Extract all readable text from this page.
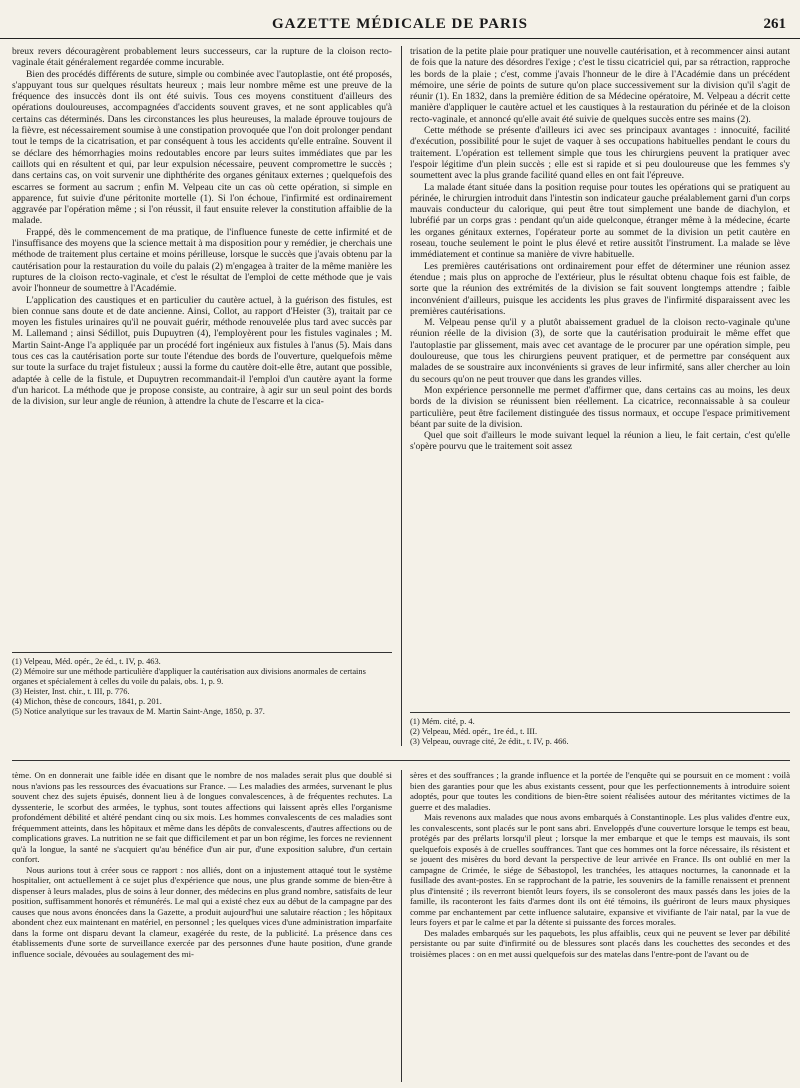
GAZETTE MÉDICALE DE PARIS	261

breux revers découragèrent probablement leurs successeurs, car la rupture de la cloison recto-vaginale était généralement regardée comme incurable.

Bien des procédés différents de suture, simple ou combinée avec l'autoplastie, ont été proposés, s'appuyant tous sur quelques résultats heureux ; mais leur nombre même est une preuve de la fréquence des insuccès dont ils ont été suivis. Tous ces moyens constituent d'ailleurs des opérations douloureuses, accompagnées d'accidents souvent graves, et ne sont applicables qu'à certains cas déterminés. Dans les circonstances les plus heureuses, la malade éprouve toujours de la fièvre, est nécessairement soumise à une constipation provoquée que l'on doit prolonger pendant tout le temps de la cicatrisation, et par conséquent à tous les accidents qu'elle entraîne. Souvent il se déclare des hémorrhagies moins redoutables encore par leurs suites immédiates que par les caillots qui en résultent et qui, par leur expulsion nécessaire, peuvent compromettre le succès ; dans certains cas, on voit survenir une diphthérite des organes génitaux externes ; quelquefois des escarres se forment au sacrum ; enfin M. Velpeau cite un cas où cette opération, si simple en apparence, fut suivie d'une péritonite mortelle (1). Si l'on échoue, l'infirmité est ordinairement aggravée par l'opération même ; si l'on réussit, il faut ensuite relever la constitution affaiblie de la malade.

Frappé, dès le commencement de ma pratique, de l'influence funeste de cette infirmité et de l'insuffisance des moyens que la science mettait à ma disposition pour y remédier, je cherchais une méthode de traitement plus certaine et moins périlleuse, lorsque le succès que j'avais obtenu par la cautérisation pour la restauration du voile du palais (2) m'engagea à traiter de la même manière les ruptures de la cloison recto-vaginale, et c'est le résultat de l'emploi de cette méthode que je vais avoir l'honneur de soumettre à l'Académie.

L'application des caustiques et en particulier du cautère actuel, à la guérison des fistules, est bien connue sans doute et de date ancienne. Ainsi, Collot, au rapport d'Heister (3), traitait par ce moyen les fistules urinaires qu'il ne pouvait guérir, méthode renouvelée plus tard avec succès par M. Lallemand ; ainsi Sédillot, puis Dupuytren (4), l'employèrent pour les fistules vaginales ; M. Martin Saint-Ange l'a appliquée par un procédé fort ingénieux aux fistules à l'anus (5). Mais dans tous ces cas la cautérisation porte sur toute l'étendue des bords de l'ouverture, quelquefois même sur toute la surface du trajet fistuleux ; aussi la forme du cautère doit-elle être, autant que possible, adaptée à celle de la fistule, et Dupuytren recommandait-il l'emploi d'un cautère ayant la forme d'un haricot. La méthode que je propose consiste, au contraire, à agir sur un seul point des bords de la division, sur leur angle de réunion, à attendre la chute de l'escarre et la cica-

(1) Velpeau, Méd. opér., 2e éd., t. IV, p. 463.
(2) Mémoire sur une méthode particulière d'appliquer la cautérisation aux divisions anormales de certains organes et spécialement à celles du voile du palais, obs. 1, p. 9.
(3) Heister, Inst. chir., t. III, p. 776.
(4) Michon, thèse de concours, 1841, p. 201.
(5) Notice analytique sur les travaux de M. Martin Saint-Ange, 1850, p. 37.

trisation de la petite plaie pour pratiquer une nouvelle cautérisation, et à recommencer ainsi autant de fois que la nature des désordres l'exige ; c'est le tissu cicatriciel qui, par sa rétraction, rapproche les bords de la plaie ; c'est, comme j'avais l'honneur de le dire à l'Académie dans un précédent mémoire, une série de points de suture qu'on place successivement sur la division qu'il s'agit de réunir (1). En 1832, dans la première édition de sa Médecine opératoire, M. Velpeau a décrit cette manière d'appliquer le cautère actuel et les caustiques à la restauration du périnée et de la cloison recto-vaginale, et annoncé qu'elle avait été suivie de quelques succès entre ses mains (2).

Cette méthode se présente d'ailleurs ici avec ses principaux avantages : innocuité, facilité d'exécution, possibilité pour le sujet de vaquer à ses occupations habituelles pendant le cours du traitement. L'opération est tellement simple que tous les chirurgiens peuvent la pratiquer avec l'espoir légitime d'un plein succès ; elle est si rapide et si peu douloureuse que les femmes s'y soumettent avec la plus grande facilité quand elles en ont fait l'épreuve.

La malade étant située dans la position requise pour toutes les opérations qui se pratiquent au périnée, le chirurgien introduit dans l'intestin son indicateur gauche préalablement garni d'un corps mauvais conducteur du calorique, qui peut être tout simplement une bande de diachylon, et lubréfié par un corps gras : pendant qu'un aide quelconque, étranger même à la médecine, écarte les organes génitaux externes, l'opérateur porte au sommet de la division un petit cautère en roseau, touche seulement le point le plus élevé et retire aussitôt l'instrument. La malade se lève immédiatement et continue sa manière de vivre habituelle.

Les premières cautérisations ont ordinairement pour effet de déterminer une réunion assez étendue ; mais plus on approche de l'extérieur, plus le résultat obtenu chaque fois est faible, de sorte que la réunion des extrémités de la division se fait souvent longtemps attendre ; faible inconvénient d'ailleurs, puisque les accidents les plus graves de l'infirmité disparaissent avec les premières cautérisations.

M. Velpeau pense qu'il y a plutôt abaissement graduel de la cloison recto-vaginale qu'une réunion réelle de la division (3), de sorte que la cautérisation produirait le même effet que l'autoplastie par glissement, mais avec cet avantage de le procurer par une opération simple, peu douloureuse, que tous les chirurgiens peuvent pratiquer, et de permettre par conséquent aux malades de se soustraire aux inconvénients si graves de leur infirmité, sans aller chercher au loin du secours qu'on ne peut trouver que dans les grandes villes.

Mon expérience personnelle me permet d'affirmer que, dans certains cas au moins, les deux bords de la division se réunissent bien réellement. La cicatrice, reconnaissable à sa couleur particulière, peut être facilement distinguée des tissus normaux, et occupe l'espace primitivement béant par suite de la division.

Quel que soit d'ailleurs le mode suivant lequel la réunion a lieu, le fait certain, c'est qu'elle s'opère pourvu que le traitement soit assez

(1) Mém. cité, p. 4.
(2) Velpeau, Méd. opér., 1re éd., t. III.
(3) Velpeau, ouvrage cité, 2e édit., t. IV, p. 466.

tème. On en donnerait une faible idée en disant que le nombre de nos malades serait plus que doublé si nous n'avions pas les ressources des évacuations sur France. — Les maladies des armées, survenant le plus souvent chez des sujets épuisés, donnent lieu à de longues convalescences, à de fréquentes rechutes. La dyssenterie, le scorbut des armées, le typhus, sont toutes affections qui laissent après elles l'organisme profondément débilité et altéré pendant cinq ou six mois. Les hommes convalescents de ces maladies sont fréquemment atteints, dans les hôpitaux et même dans les dépôts de convalescents, d'autres affections ou de complications graves. La nutrition ne se fait que difficilement et par un bon régime, les forces ne reviennent qu'à la longue, la santé ne s'acquiert qu'au bénéfice d'un air pur, d'une exposition salubre, d'un certain confort.

Nous aurions tout à créer sous ce rapport : nos alliés, dont on a injustement attaqué tout le système hospitalier, ont actuellement à ce sujet plus d'expérience que nous, une plus grande somme de bien-être à dispenser à leurs malades, plus de soins à leur donner, des médecins en plus grand nombre, satisfaits de leur position, suffisamment honorés et rémunérés. Le mal qui a existé chez eux au début de la campagne par des causes que nous avons énoncées dans la Gazette, a produit aujourd'hui une salutaire réaction ; les hôpitaux abondent chez eux maintenant en matériel, en personnel ; les quelques vices d'une administration imparfaite dans la forme ont disparu devant la clameur, exagérée du reste, de la publicité. La présence dans ces établissements d'une sorte de surveillance exercée par des personnes d'une haute position, d'une grande influence sociale, dévouées au soulagement des mi-

sères et des souffrances ; la grande influence et la portée de l'enquête qui se poursuit en ce moment : voilà bien des garanties pour que les abus existants cessent, pour que les perfectionnements à introduire soient adoptés, pour que toutes les conditions de bien-être soient réalisées autour des méritantes victimes de la guerre et des maladies.

Mais revenons aux malades que nous avons embarqués à Constantinople. Les plus valides d'entre eux, les convalescents, sont placés sur le pont sans abri. Enveloppés d'une couverture lorsque le temps est beau, protégés par des prélarts lorsqu'il pleut ; lorsque la mer embarque et que le temps est mauvais, ils sont quelquefois exposés à de cruelles souffrances. Tant que ces hommes ont la force nécessaire, ils résistent et se jouent des misères du bord devant la perspective de leur arrivée en France. Ils ont oublié en mer la campagne de Crimée, le siége de Sébastopol, les tranchées, les attaques nocturnes, la canonnade et la fusillade des avant-postes. En se rapprochant de la patrie, les souvenirs de la famille renaissent et prennent plus d'intensité ; ils reverront bientôt leurs foyers, ils se consoleront des maux passés dans les joies de la famille, ils raconteront les faits d'armes dont ils ont été témoins, ils guériront de leurs maux physiques comme par enchantement par cette influence salutaire, expansive et vivifiante de l'air natal, par la vue de leurs foyers et par le calme et par la détente si puissante des forces morales.

Des malades embarqués sur les paquebots, les plus affaiblis, ceux qui ne peuvent se lever par débilité persistante ou par suite d'infirmité ou de blessures sont placés dans les couchettes des secondes et des troisièmes places : on en met aussi quelquefois sur des matelas dans l'entre-pont de l'avant ou de
